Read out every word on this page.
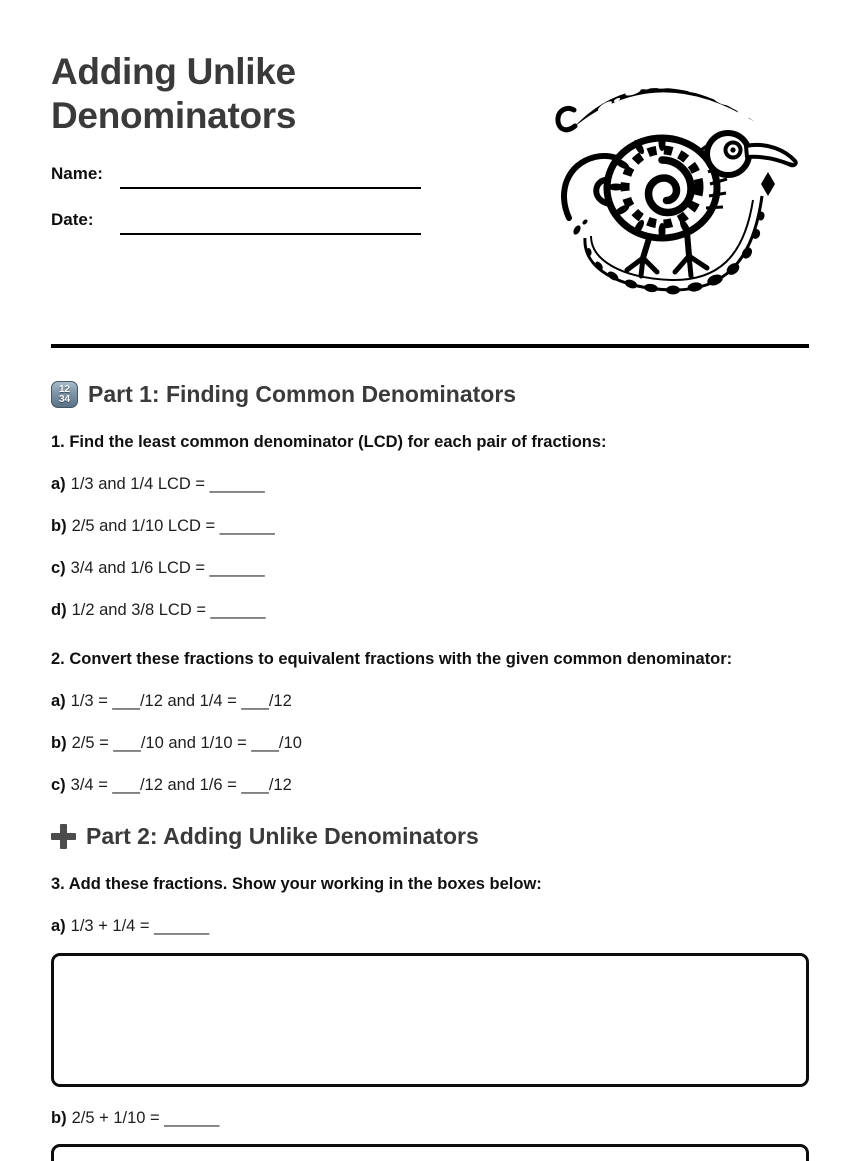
Adding Unlike Denominators
Name:
Date:
12
34 Part 1: Finding Common Denominators

1. Find the least common denominator (LCD) for each pair of fractions:

a) 1/3 and 1/4 LCD = ______

b) 2/5 and 1/10 LCD = ______

c) 3/4 and 1/6 LCD = ______

d) 1/2 and 3/8 LCD = ______

2. Convert these fractions to equivalent fractions with the given common denominator:

a) 1/3 = ___/12 and 1/4 = ___/12

b) 2/5 = ___/10 and 1/10 = ___/10

c) 3/4 = ___/12 and 1/6 = ___/12

Part 2: Adding Unlike Denominators

3. Add these fractions. Show your working in the boxes below:

a) 1/3 + 1/4 = ______

b) 2/5 + 1/10 = ______
